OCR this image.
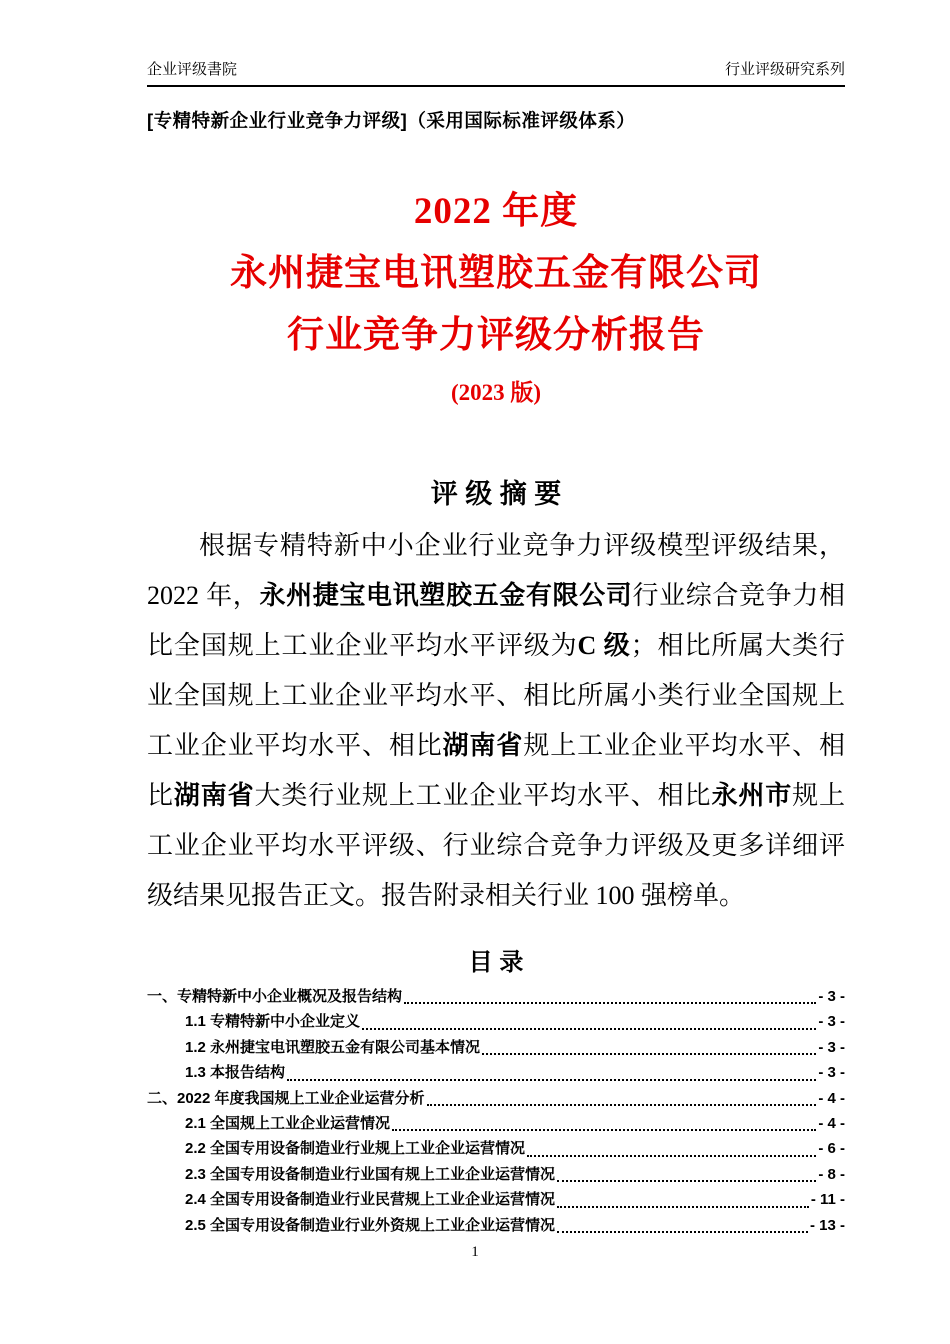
企业评级書院	行业评级研究系列
[专精特新企业行业竞争力评级]（采用国际标准评级体系）
2022 年度
永州捷宝电讯塑胶五金有限公司
行业竞争力评级分析报告
(2023 版)
评 级 摘 要
根据专精特新中小企业行业竞争力评级模型评级结果，2022 年，永州捷宝电讯塑胶五金有限公司行业综合竞争力相比全国规上工业企业平均水平评级为C 级；相比所属大类行业全国规上工业企业平均水平、相比所属小类行业全国规上工业企业平均水平、相比湖南省规上工业企业平均水平、相比湖南省大类行业规上工业企业平均水平、相比永州市规上工业企业平均水平评级、行业综合竞争力评级及更多详细评级结果见报告正文。报告附录相关行业 100 强榜单。
目 录
一、专精特新中小企业概况及报告结构	- 3 -
1.1 专精特新中小企业定义	- 3 -
1.2 永州捷宝电讯塑胶五金有限公司基本情况	- 3 -
1.3 本报告结构	- 3 -
二、2022 年度我国规上工业企业运营分析	- 4 -
2.1 全国规上工业企业运营情况	- 4 -
2.2 全国专用设备制造业行业规上工业企业运营情况	- 6 -
2.3 全国专用设备制造业行业国有规上工业企业运营情况	- 8 -
2.4 全国专用设备制造业行业民营规上工业企业运营情况	- 11 -
2.5 全国专用设备制造业行业外资规上工业企业运营情况	- 13 -
1
